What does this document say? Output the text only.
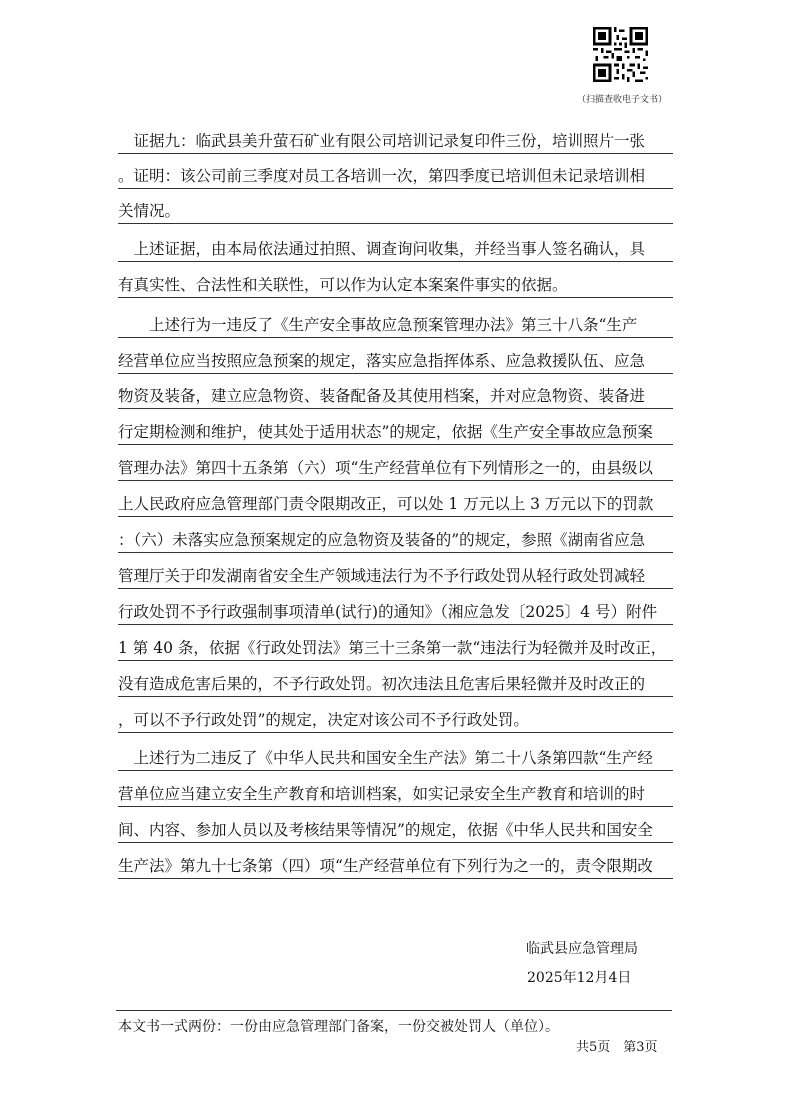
（扫描查收电子文书）
　证据九：临武县美升萤石矿业有限公司培训记录复印件三份，培训照片一张
。证明：该公司前三季度对员工各培训一次，第四季度已培训但未记录培训相
关情况。
　上述证据，由本局依法通过拍照、调查询问收集，并经当事人签名确认，具
有真实性、合法性和关联性，可以作为认定本案案件事实的依据。
　　上述行为一违反了《生产安全事故应急预案管理办法》第三十八条“生产
经营单位应当按照应急预案的规定，落实应急指挥体系、应急救援队伍、应急
物资及装备，建立应急物资、装备配备及其使用档案，并对应急物资、装备进
行定期检测和维护，使其处于适用状态”的规定，依据《生产安全事故应急预案
管理办法》第四十五条第（六）项“生产经营单位有下列情形之一的，由县级以
上人民政府应急管理部门责令限期改正，可以处 1 万元以上 3 万元以下的罚款
：（六）未落实应急预案规定的应急物资及装备的”的规定，参照《湖南省应急
管理厅关于印发湖南省安全生产领域违法行为不予行政处罚从轻行政处罚减轻
行政处罚不予行政强制事项清单(试行)的通知》（湘应急发〔2025〕4 号）附件
1 第 40 条，依据《行政处罚法》第三十三条第一款“违法行为轻微并及时改正，
没有造成危害后果的，不予行政处罚。初次违法且危害后果轻微并及时改正的
，可以不予行政处罚”的规定，决定对该公司不予行政处罚。
　上述行为二违反了《中华人民共和国安全生产法》第二十八条第四款“生产经
营单位应当建立安全生产教育和培训档案，如实记录安全生产教育和培训的时
间、内容、参加人员以及考核结果等情况”的规定，依据《中华人民共和国安全
生产法》第九十七条第（四）项“生产经营单位有下列行为之一的，责令限期改
临武县应急管理局
2025年12月4日
本文书一式两份：一份由应急管理部门备案，一份交被处罚人（单位）。
共5页　第3页
